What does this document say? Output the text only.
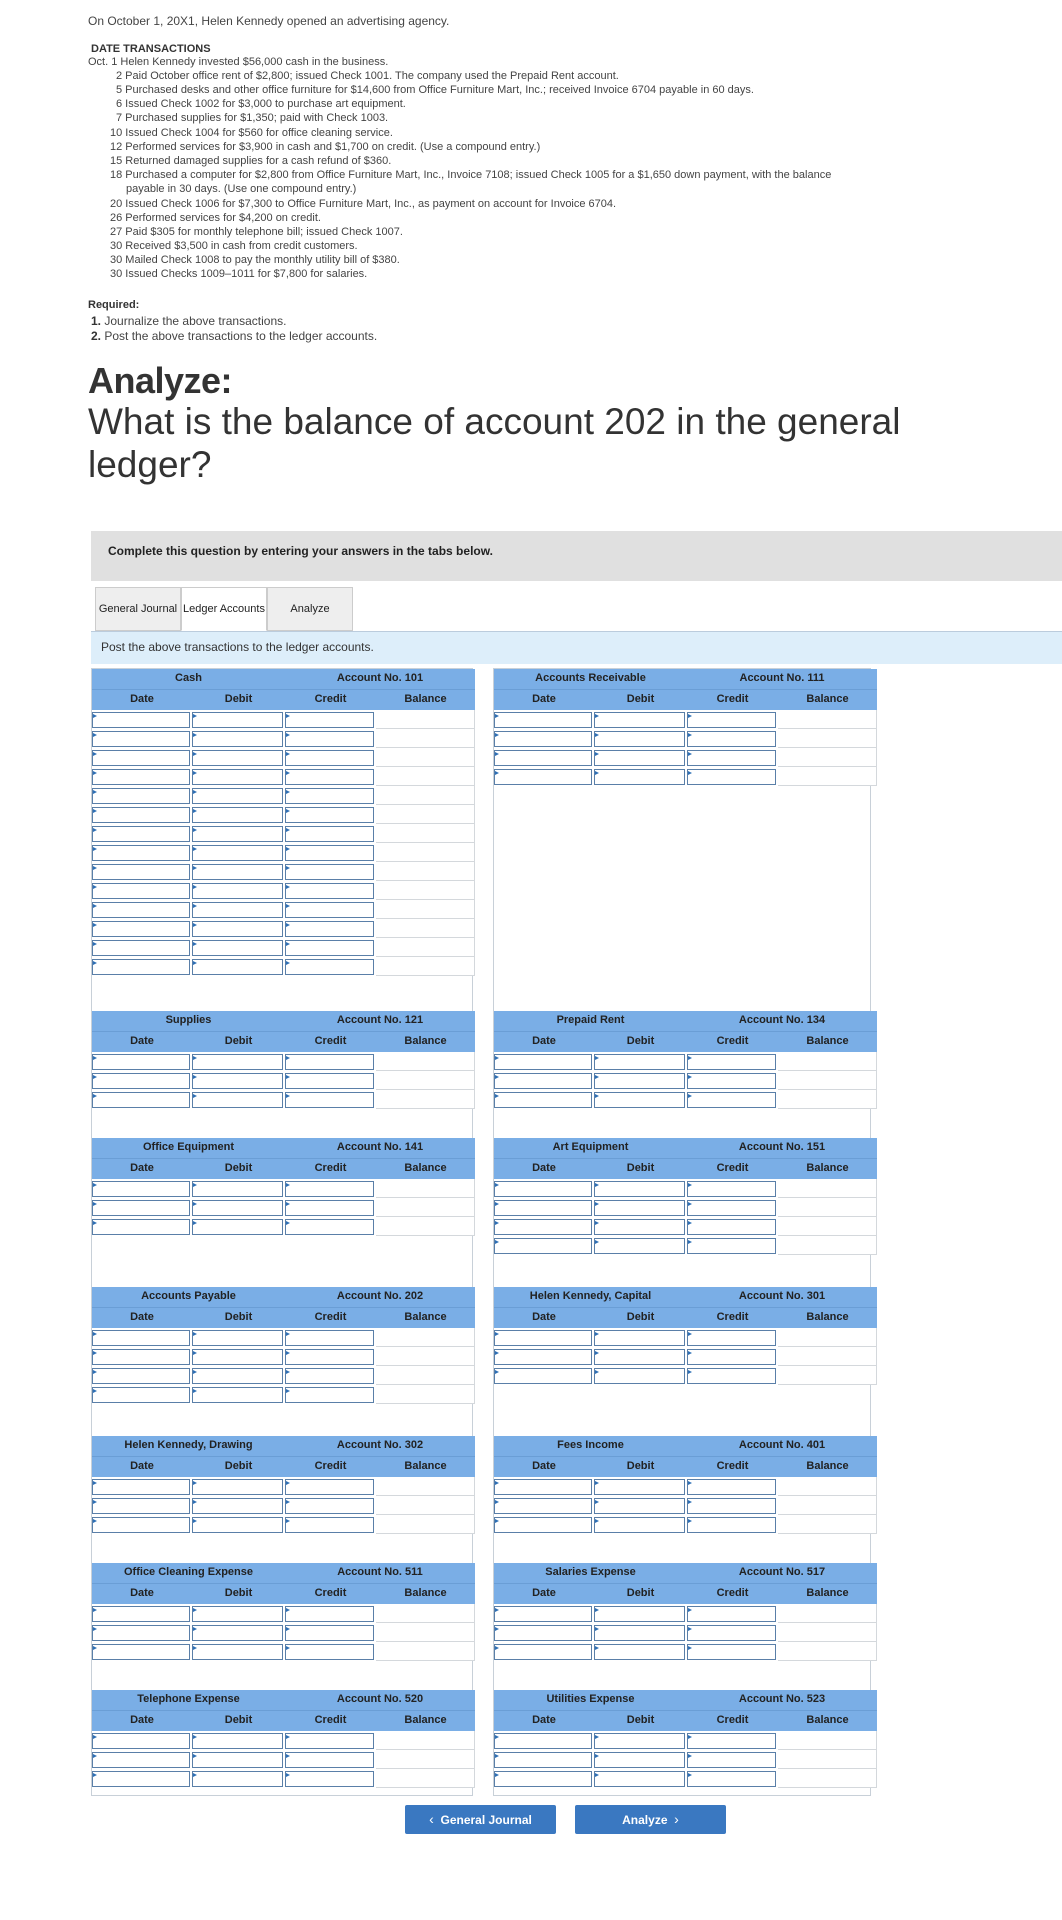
On October 1, 20X1, Helen Kennedy opened an advertising agency.
DATE TRANSACTIONS
Oct. 1 Helen Kennedy invested $56,000 cash in the business.
2 Paid October office rent of $2,800; issued Check 1001. The company used the Prepaid Rent account.
5 Purchased desks and other office furniture for $14,600 from Office Furniture Mart, Inc.; received Invoice 6704 payable in 60 days.
6 Issued Check 1002 for $3,000 to purchase art equipment.
7 Purchased supplies for $1,350; paid with Check 1003.
10 Issued Check 1004 for $560 for office cleaning service.
12 Performed services for $3,900 in cash and $1,700 on credit. (Use a compound entry.)
15 Returned damaged supplies for a cash refund of $360.
18 Purchased a computer for $2,800 from Office Furniture Mart, Inc., Invoice 7108; issued Check 1005 for a $1,650 down payment, with the balance
payable in 30 days. (Use one compound entry.)
20 Issued Check 1006 for $7,300 to Office Furniture Mart, Inc., as payment on account for Invoice 6704.
26 Performed services for $4,200 on credit.
27 Paid $305 for monthly telephone bill; issued Check 1007.
30 Received $3,500 in cash from credit customers.
30 Mailed Check 1008 to pay the monthly utility bill of $380.
30 Issued Checks 1009–1011 for $7,800 for salaries.
Required:
1. Journalize the above transactions.
2. Post the above transactions to the ledger accounts.
Analyze:
What is the balance of account 202 in the general ledger?
Complete this question by entering your answers in the tabs below.
General Journal Ledger Accounts	Analyze
Post the above transactions to the ledger accounts.
Cash	Account No. 101
Date	Debit	Credit	Balance
Accounts Receivable	Account No. 111
Date	Debit	Credit	Balance
Supplies	Account No. 121
Date	Debit	Credit	Balance
Prepaid Rent	Account No. 134
Date	Debit	Credit	Balance
Office Equipment	Account No. 141
Date	Debit	Credit	Balance
Art Equipment	Account No. 151
Date	Debit	Credit	Balance
Accounts Payable	Account No. 202
Date	Debit	Credit	Balance
Helen Kennedy, Capital	Account No. 301
Date	Debit	Credit	Balance
Helen Kennedy, Drawing	Account No. 302
Date	Debit	Credit	Balance
Fees Income	Account No. 401
Date	Debit	Credit	Balance
Office Cleaning Expense	Account No. 511
Date	Debit	Credit	Balance
Salaries Expense	Account No. 517
Date	Debit	Credit	Balance
Telephone Expense	Account No. 520
Date	Debit	Credit	Balance
Utilities Expense	Account No. 523
Date	Debit	Credit	Balance
‹ General Journal	Analyze ›
